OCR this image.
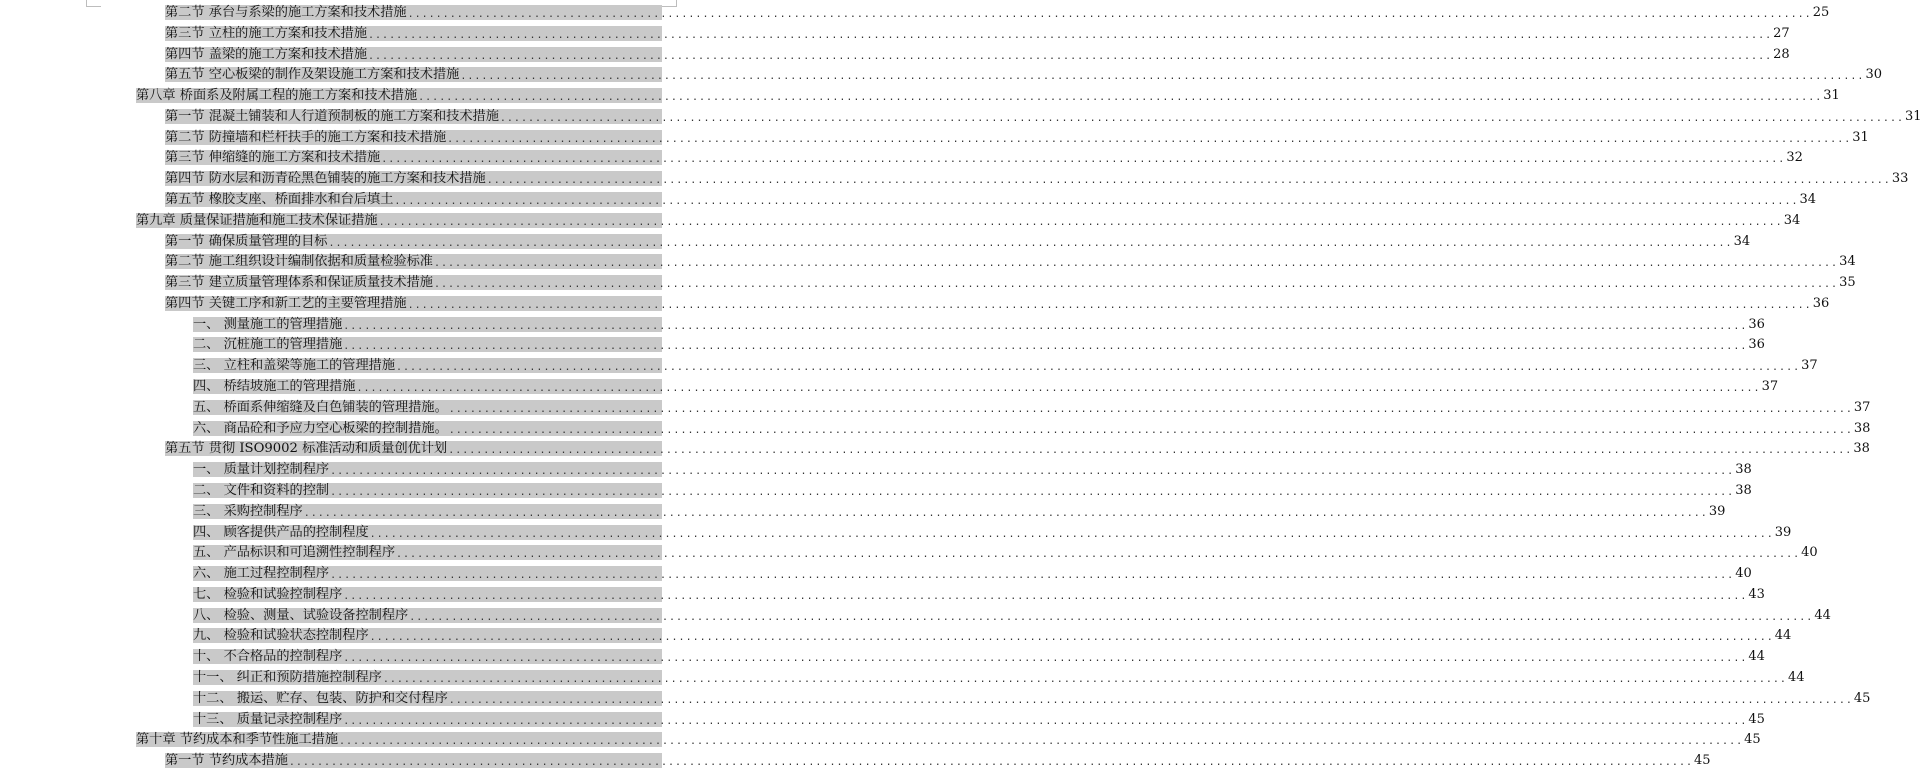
第二节 承台与系梁的施工方案和技术措施 ........................................................................................................................................................................................................ 25
第三节 立柱的施工方案和技术措施 ........................................................................................................................................................................................................ 27
第四节 盖梁的施工方案和技术措施 ........................................................................................................................................................................................................ 28
第五节 空心板梁的制作及架设施工方案和技术措施 ........................................................................................................................................................................................................ 30
第八章 桥面系及附属工程的施工方案和技术措施 ........................................................................................................................................................................................................ 31
第一节 混凝土铺装和人行道预制板的施工方案和技术措施 ........................................................................................................................................................................................................ 31
第二节 防撞墙和栏杆扶手的施工方案和技术措施 ........................................................................................................................................................................................................ 31
第三节 伸缩缝的施工方案和技术措施 ........................................................................................................................................................................................................ 32
第四节 防水层和沥青砼黑色铺装的施工方案和技术措施 ........................................................................................................................................................................................................ 33
第五节 橡胶支座、桥面排水和台后填土 ........................................................................................................................................................................................................ 34
第九章 质量保证措施和施工技术保证措施 ........................................................................................................................................................................................................ 34
第一节 确保质量管理的目标 ........................................................................................................................................................................................................ 34
第二节 施工组织设计编制依据和质量检验标准 ........................................................................................................................................................................................................ 34
第三节 建立质量管理体系和保证质量技术措施 ........................................................................................................................................................................................................ 35
第四节 关键工序和新工艺的主要管理措施 ........................................................................................................................................................................................................ 36
一、 测量施工的管理措施 ........................................................................................................................................................................................................ 36
二、 沉桩施工的管理措施 ........................................................................................................................................................................................................ 36
三、 立柱和盖梁等施工的管理措施 ........................................................................................................................................................................................................ 37
四、 桥结坡施工的管理措施 ........................................................................................................................................................................................................ 37
五、 桥面系伸缩缝及白色铺装的管理措施。 ........................................................................................................................................................................................................ 37
六、 商品砼和予应力空心板梁的控制措施。 ........................................................................................................................................................................................................ 38
第五节 贯彻 ISO9002 标准活动和质量创优计划 ........................................................................................................................................................................................................ 38
一、 质量计划控制程序 ........................................................................................................................................................................................................ 38
二、 文件和资料的控制 ........................................................................................................................................................................................................ 38
三、 采购控制程序 ........................................................................................................................................................................................................ 39
四、 顾客提供产品的控制程度 ........................................................................................................................................................................................................ 39
五、 产品标识和可追溯性控制程序 ........................................................................................................................................................................................................ 40
六、 施工过程控制程序 ........................................................................................................................................................................................................ 40
七、 检验和试验控制程序 ........................................................................................................................................................................................................ 43
八、 检验、测量、试验设备控制程序 ........................................................................................................................................................................................................ 44
九、 检验和试验状态控制程序 ........................................................................................................................................................................................................ 44
十、 不合格品的控制程序 ........................................................................................................................................................................................................ 44
十一、 纠正和预防措施控制程序 ........................................................................................................................................................................................................ 44
十二、 搬运、贮存、包装、防护和交付程序 ........................................................................................................................................................................................................ 45
十三、 质量记录控制程序 ........................................................................................................................................................................................................ 45
第十章 节约成本和季节性施工措施 ........................................................................................................................................................................................................ 45
第一节 节约成本措施 ........................................................................................................................................................................................................ 45
